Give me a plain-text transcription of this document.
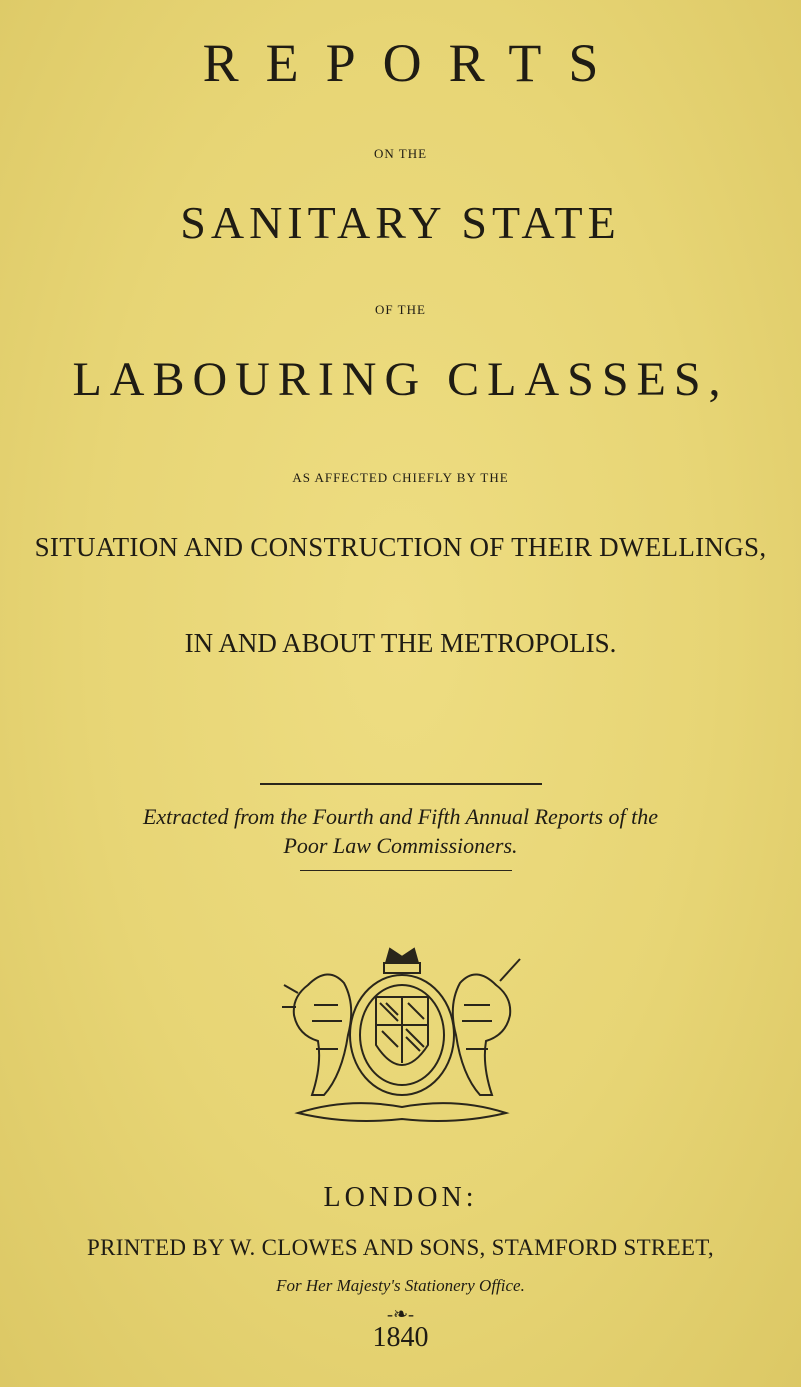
REPORTS
ON THE
SANITARY STATE
OF THE
LABOURING CLASSES,
AS AFFECTED CHIEFLY BY THE
SITUATION AND CONSTRUCTION OF THEIR DWELLINGS,
IN AND ABOUT THE METROPOLIS.
Extracted from the Fourth and Fifth Annual Reports of the
Poor Law Commissioners.
LONDON:
PRINTED BY W. CLOWES AND SONS, STAMFORD STREET,
For Her Majesty's Stationery Office.
-❧-
1840
